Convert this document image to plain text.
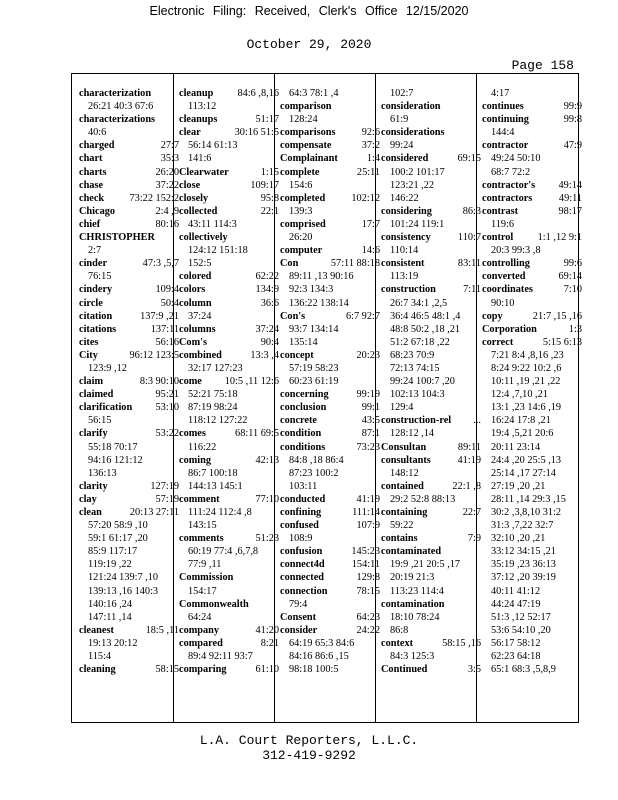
Electronic Filing: Received, Clerk's Office 12/15/2020
October 29, 2020
Page 158
characterization
26:21 40:3 67:6
characterizations
40:6
27:7
charged
35:3
chart
26:20
charts
37:22
chase
73:22 152:2
check
2:4 ,9
Chicago
80:16
chief
CHRISTOPHER
2:7
47:3 ,5,7
cinder
76:15
109:4
cindery
50:4
circle
137:9 ,21
citation
137:11
citations
56:16
cites
96:12 123:5
City
123:9 ,12
8:3 90:10
claim
95:21
claimed
53:10
clarification
56:15
53:22
clarify
55:18 70:17
94:16 121:12
136:13
127:19
clarity
57:19
clay
20:13 27:11
clean
57:20 58:9 ,10
59:1 61:17 ,20
85:9 117:17
119:19 ,22
121:24 139:7 ,10
139:13 ,16 140:3
140:16 ,24
147:11 ,14
18:5 ,11
cleanest
19:13 20:12
115:4
58:15
cleaning
84:6 ,8,16
cleanup
113:12
51:17
cleanups
30:16 51:5
clear
56:14 61:13
141:6
1:15
Clearwater
109:17
close
95:8
closely
22:1
collected
43:11 114:3
collectively
124:12 151:18
152:5
62:22
colored
134:9
colors
36:6
column
37:24
37:24
columns
90:4
Com's
13:3 ,4
combined
32:17 127:23
10:5 ,11 12:6
come
52:21 75:18
87:19 98:24
118:12 127:22
68:11 69:5
comes
116:22
42:13
coming
86:7 100:18
144:13 145:1
77:10
comment
111:24 112:4 ,8
143:15
51:23
comments
60:19 77:4 ,6,7,8
77:9 ,11
Commission
154:17
Commonwealth
64:24
41:20
company
8:21
compared
89:4 92:11 93:7
61:10
comparing
64:3 78:1 ,4
comparison
128:24
92:6
comparisons
37:2
compensate
1:4
Complainant
25:11
complete
154:6
102:12
completed
139:3
17:7
comprised
26:20
14:6
computer
57:11 88:18
Con
89:11 ,13 90:16
92:3 134:3
136:22 138:14
6:7 92:7
Con's
93:7 134:14
135:14
20:23
concept
57:19 58:23
60:23 61:19
99:19
concerning
99:1
conclusion
43:5
concrete
87:1
condition
73:23
conditions
84:8 ,18 86:4
87:23 100:2
103:11
41:19
conducted
111:14
confining
107:9
confused
108:9
145:23
confusion
154:11
connect4d
129:8
connected
78:15
connection
79:4
64:23
Consent
24:22
consider
64:19 65:3 84:6
84:16 86:6 ,15
98:18 100:5
102:7
consideration
61:9
considerations
99:24
69:15
considered
100:2 101:17
123:21 ,22
146:22
86:3
considering
101:24 119:1
110:7
consistency
110:14
83:11
consistent
113:19
7:11
construction
26:7 34:1 ,2,5
36:4 46:5 48:1 ,4
48:8 50:2 ,18 ,21
51:2 67:18 ,22
68:23 70:9
72:13 74:15
99:24 100:7 ,20
102:13 104:3
129:4
...
construction-rel
128:12 ,14
89:11
Consultan
41:19
consultants
148:12
22:1 ,8
contained
29:2 52:8 88:13
22:7
containing
59:22
7:9
contains
contaminated
19:9 ,21 20:5 ,17
20:19 21:3
113:23 114:4
contamination
18:10 78:24
86:8
58:15 ,16
context
84:3 125:3
3:5
Continued
4:17
99:9
continues
99:8
continuing
144:4
47:9
contractor
49:24 50:10
68:7 72:2
49:14
contractor's
49:11
contractors
98:17
contrast
119:6
1:1 ,12 9:1
control
20:3 99:3 ,8
99:6
controlling
69:14
converted
7:10
coordinates
90:10
21:7 ,15 ,16
copy
1:3
Corporation
5:15 6:13
correct
7:21 8:4 ,8,16 ,23
8:24 9:22 10:2 ,6
10:11 ,19 ,21 ,22
12:4 ,7,10 ,21
13:1 ,23 14:6 ,19
16:24 17:8 ,21
19:4 ,5,21 20:6
20:11 23:14
24:4 ,20 25:5 ,13
25:14 ,17 27:14
27:19 ,20 ,21
28:11 ,14 29:3 ,15
30:2 ,3,8,10 31:2
31:3 ,7,22 32:7
32:10 ,20 ,21
33:12 34:15 ,21
35:19 ,23 36:13
37:12 ,20 39:19
40:11 41:12
44:24 47:19
51:3 ,12 52:17
53:6 54:10 ,20
56:17 58:12
62:23 64:18
65:1 68:3 ,5,8,9
L.A. Court Reporters, L.L.C.
312-419-9292
